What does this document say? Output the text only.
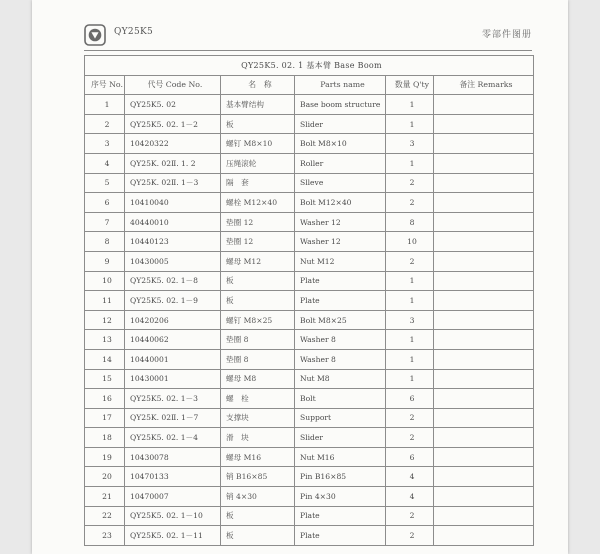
QY25K5	零部件图册
QY25K5. 02. 1 基本臂 Base Boom					
序号 No.	代号 Code No.	名　称	Parts name	数量 Q'ty	备注 Remarks
1	QY25K5. 02	基本臂结构	Base boom structure	1	
2	QY25K5. 02. 1－2	板	Slider	1	
3	10420322	螺钉 M8×10	Bolt M8×10	3	
4	QY25K. 02Ⅱ. 1. 2	压绳滚轮	Roller	1	
5	QY25K. 02Ⅱ. 1－3	隔　套	Slleve	2	
6	10410040	螺栓 M12×40	Bolt M12×40	2	
7	40440010	垫圈 12	Washer 12	8	
8	10440123	垫圈 12	Washer 12	10	
9	10430005	螺母 M12	Nut M12	2	
10	QY25K5. 02. 1－8	板	Plate	1	
11	QY25K5. 02. 1－9	板	Plate	1	
12	10420206	螺钉 M8×25	Bolt M8×25	3	
13	10440062	垫圈 8	Washer 8	1	
14	10440001	垫圈 8	Washer 8	1	
15	10430001	螺母 M8	Nut M8	1	
16	QY25K5. 02. 1－3	螺　栓	Bolt	6	
17	QY25K. 02Ⅱ. 1－7	支撑块	Support	2	
18	QY25K5. 02. 1－4	滑　块	Slider	2	
19	10430078	螺母 M16	Nut M16	6	
20	10470133	销 B16×85	Pin B16×85	4	
21	10470007	销 4×30	Pin 4×30	4	
22	QY25K5. 02. 1－10	板	Plate	2	
23	QY25K5. 02. 1－11	板	Plate	2	
